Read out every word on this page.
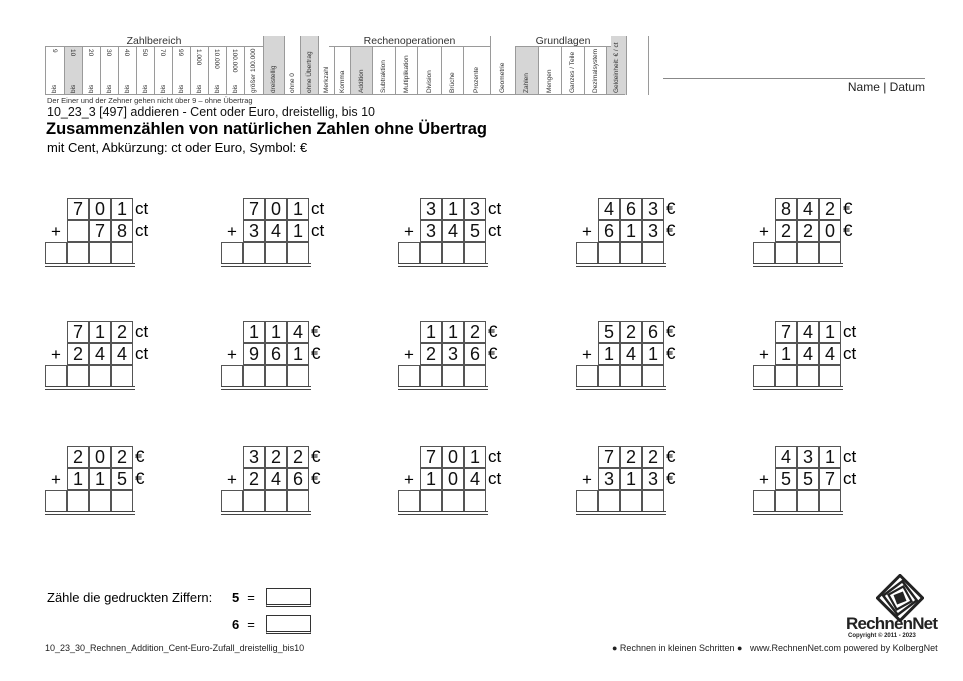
9
bis
10
bis
20
bis
30
bis
40
bis
50
bis
70
bis
99
bis
1.000
bis
10.000
bis
100.000
bis größer 100.000 dreistellig ohne 0 ohne Übertrag Merkzahl Komma Addition Subtraktion Multiplikation Division Brüche	Prozente	Geometrie	Zahlen Mengen Ganzes / Teile Dezimalsystem Geldeinheit: € / ct
Zahlbereich	Rechenoperationen	Grundlagen
Name | Datum
Der Einer und der Zehner gehen nicht über 9 – ohne Übertrag
10_23_3 [497] addieren - Cent oder Euro, dreistellig, bis 10
Zusammenzählen von natürlichen Zahlen ohne Übertrag
mit Cent, Abkürzung: ct oder Euro, Symbol: €
7 0 1 ct
+	7 8 ct
7 0 1 ct
+ 3 4 1 ct
3 1 3 ct
+ 3 4 5 ct
4 6 3 €
+ 6 1 3 €
8 4 2 €
+ 2 2 0 €
7 1 2 ct
+ 2 4 4 ct
1 1 4 €
+ 9 6 1 €
1 1 2 €
+ 2 3 6 €
5 2 6 €
+ 1 4 1 €
7 4 1 ct
+ 1 4 4 ct
2 0 2 €
+ 1 1 5 €
3 2 2 €
+ 2 4 6 €
7 0 1 ct
+ 1 0 4 ct
7 2 2 €
+ 3 1 3 €
4 3 1 ct
+ 5 5 7 ct
Zähle die gedruckten Ziffern: 5 =
6 =
10_23_30_Rechnen_Addition_Cent-Euro-Zufall_dreistellig_bis10	● Rechnen in kleinen Schritten ● www.RechnenNet.com powered by KolbergNet
RechnenNet
Copyright © 2011 - 2023
